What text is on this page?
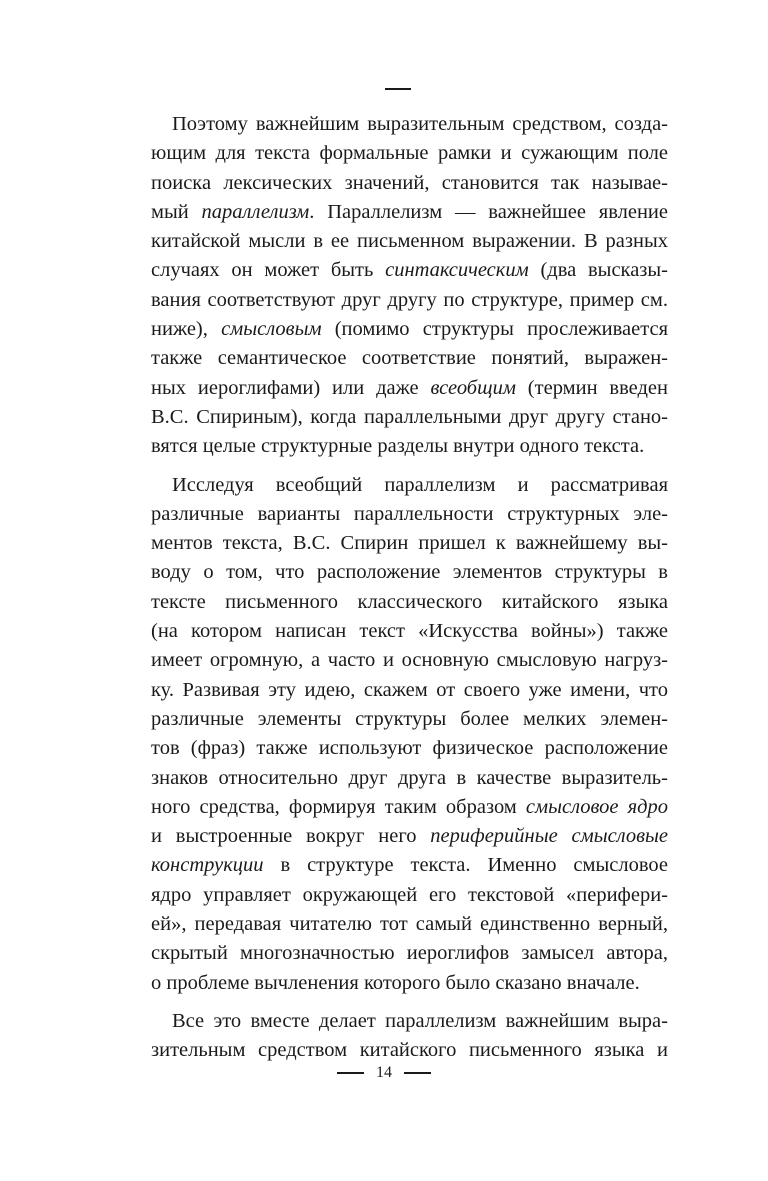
Поэтому важнейшим выразительным средством, созда-
ющим для текста формальные рамки и сужающим поле
поиска лексических значений, становится так называе-
мый параллелизм. Параллелизм — важнейшее явление
китайской мысли в ее письменном выражении. В разных
случаях он может быть синтаксическим (два высказы-
вания соответствуют друг другу по структуре, пример см.
ниже), смысловым (помимо структуры прослеживается
также семантическое соответствие понятий, выражен-
ных иероглифами) или даже всеобщим (термин введен
В.С. Спириным), когда параллельными друг другу стано-
вятся целые структурные разделы внутри одного текста.
Исследуя всеобщий параллелизм и рассматривая
различные варианты параллельности структурных эле-
ментов текста, В.С. Спирин пришел к важнейшему вы-
воду о том, что расположение элементов структуры в
тексте письменного классического китайского языка
(на котором написан текст «Искусства войны») также
имеет огромную, а часто и основную смысловую нагруз-
ку. Развивая эту идею, скажем от своего уже имени, что
различные элементы структуры более мелких элемен-
тов (фраз) также используют физическое расположение
знаков относительно друг друга в качестве выразитель-
ного средства, формируя таким образом смысловое ядро
и выстроенные вокруг него периферийные смысловые
конструкции в структуре текста. Именно смысловое
ядро управляет окружающей его текстовой «перифери-
ей», передавая читателю тот самый единственно верный,
скрытый многозначностью иероглифов замысел автора,
о проблеме вычленения которого было сказано вначале.
Все это вместе делает параллелизм важнейшим выра-
зительным средством китайского письменного языка и
14
